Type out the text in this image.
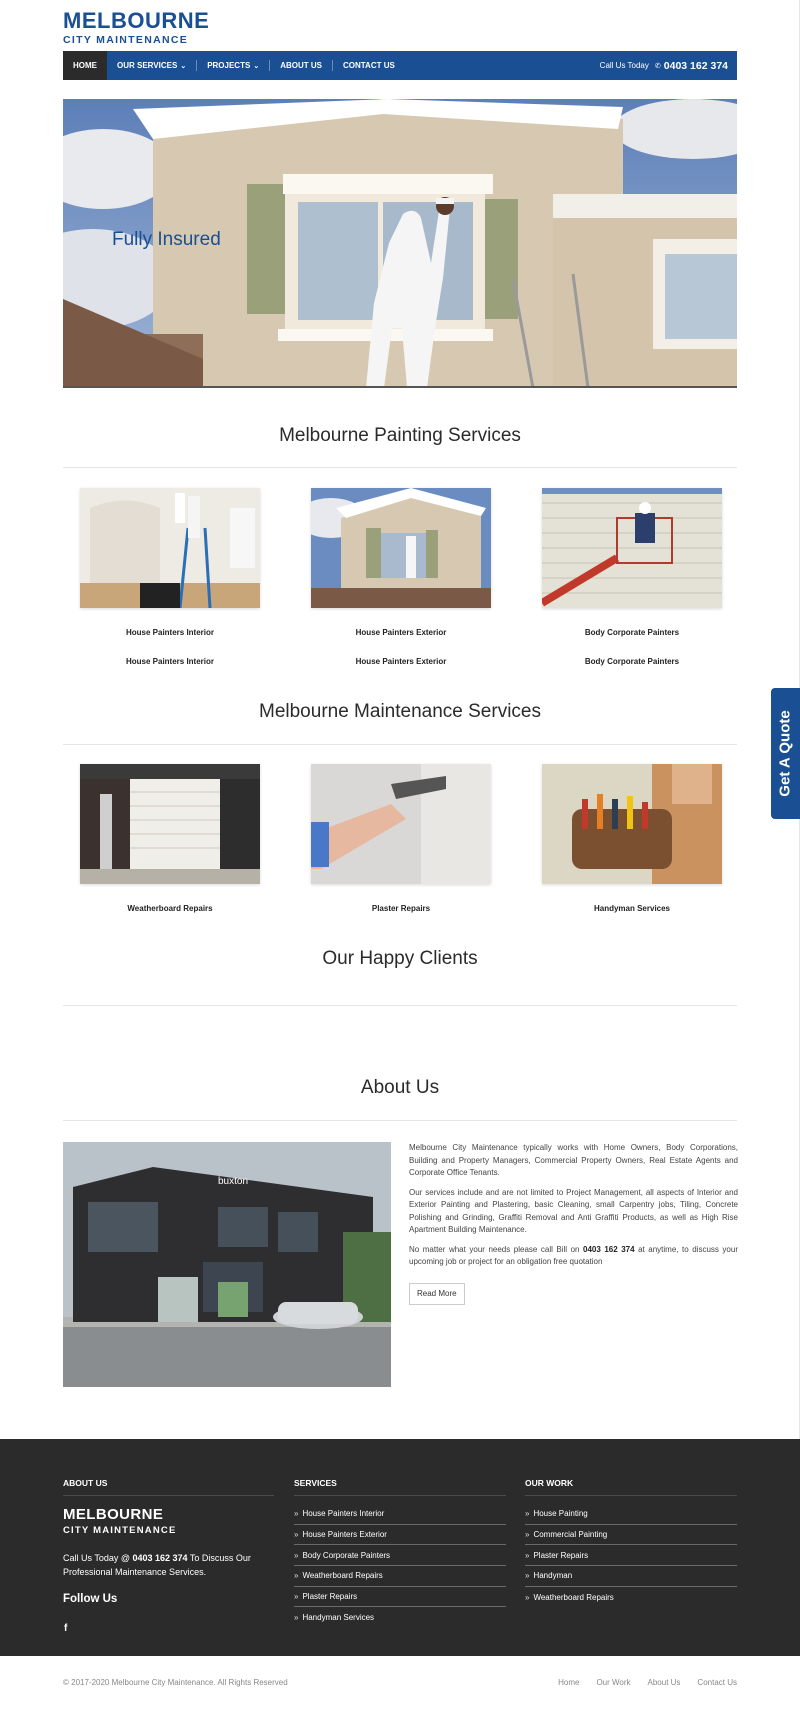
MELBOURNE
CITY MAINTENANCE
HOME	OUR SERVICES ⌄	PROJECTS ⌄	ABOUT US	CONTACT US	Call Us Today ✆ 0403 162 374
Fully Insured
Melbourne Painting Services
House Painters Interior	House Painters Exterior	Body Corporate Painters
House Painters Interior	House Painters Exterior	Body Corporate Painters
Melbourne Maintenance Services
Weatherboard Repairs	Plaster Repairs	Handyman Services
Our Happy Clients
About Us
buxton

Melbourne City Maintenance typically works with Home Owners, Body Corporations, Building and Property Managers, Commercial Property Owners, Real Estate Agents and Corporate Office Tenants.

Our services include and are not limited to Project Management, all aspects of Interior and Exterior Painting and Plastering, basic Cleaning, small Carpentry jobs, Tiling, Concrete Polishing and Grinding, Graffiti Removal and Anti Graffiti Products, as well as High Rise Apartment Building Maintenance.

No matter what your needs please call Bill on 0403 162 374 at anytime, to discuss your upcoming job or project for an obligation free quotation

Read More
Get A Quote
ABOUT US
MELBOURNE
CITY MAINTENANCE
Call Us Today @ 0403 162 374 To Discuss Our Professional Maintenance Services.
Follow Us
f
SERVICES
» House Painters Interior
» House Painters Exterior
» Body Corporate Painters
» Weatherboard Repairs
» Plaster Repairs
» Handyman Services
OUR WORK
» House Painting
» Commercial Painting
» Plaster Repairs
» Handyman
» Weatherboard Repairs
© 2017-2020 Melbourne City Maintenance. All Rights Reserved	Home Our Work About Us Contact Us
